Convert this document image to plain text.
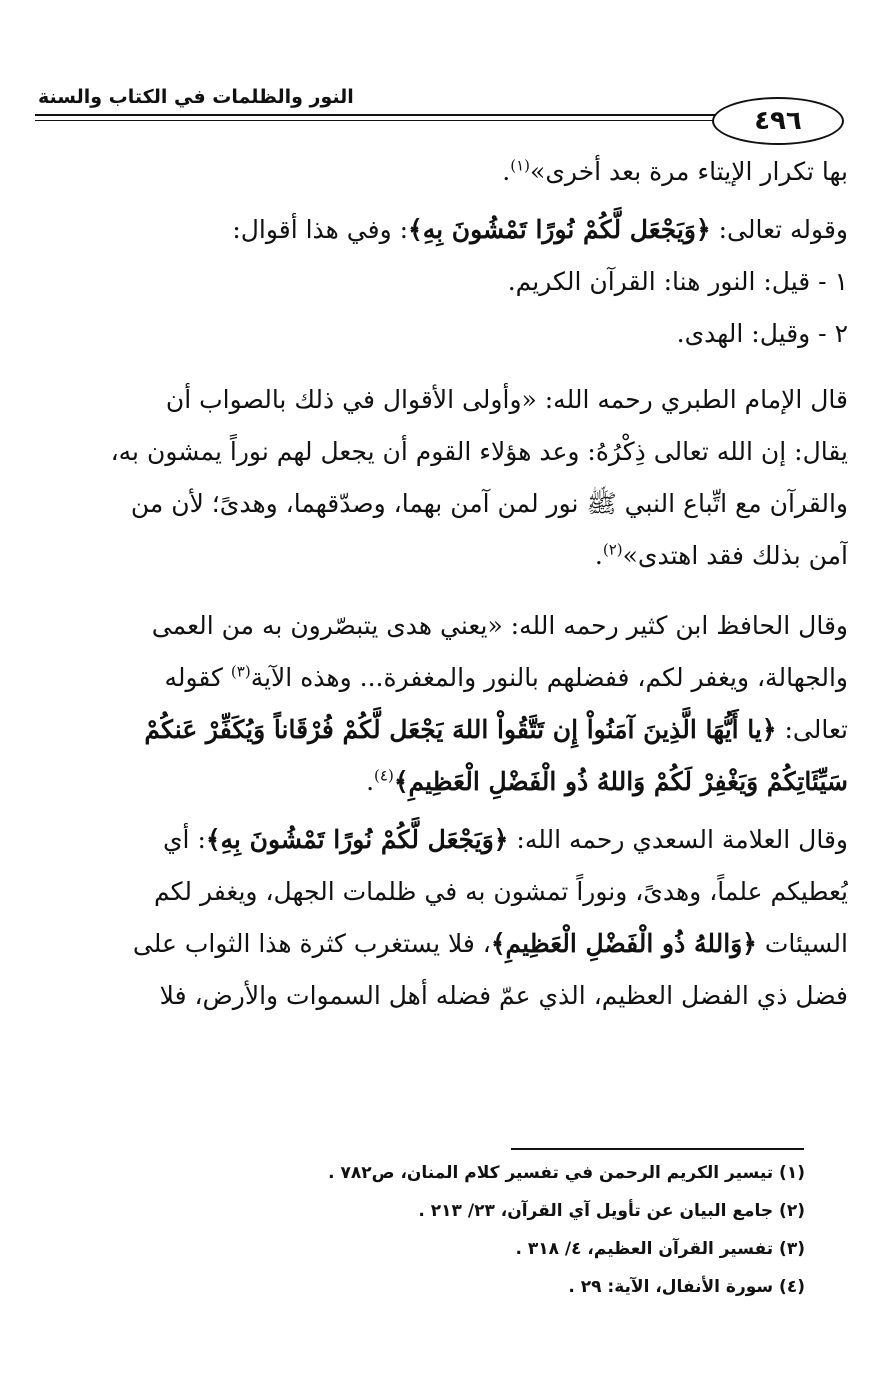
النور والظلمات في الكتاب والسنة
٤٩٦

بها تكرار الإيتاء مرة بعد أخرى»$^{(١)}$.

وقوله تعالى: ﴿وَيَجْعَل لَّكُمْ نُورًا تَمْشُونَ بِهِ﴾: وفي هذا أقوال:
١ - قيل: النور هنا: القرآن الكريم.
٢ - وقيل: الهدى.

قال الإمام الطبري رحمه الله: «وأولى الأقوال في ذلك بالصواب أن
يقال: إن الله تعالى ذِكْرُهُ: وعد هؤلاء القوم أن يجعل لهم نوراً يمشون به،
والقرآن مع اتِّباع النبي ﷺ نور لمن آمن بهما، وصدّقهما، وهدىً؛ لأن من
آمن بذلك فقد اهتدى»$^{(٢)}$.

وقال الحافظ ابن كثير رحمه الله: «يعني هدى يتبصّرون به من العمى
والجهالة، ويغفر لكم، ففضلهم بالنور والمغفرة... وهذه الآية$^{(٣)}$ كقوله
تعالى: ﴿يا أَيُّهَا الَّذِينَ آمَنُواْ إِن تَتَّقُواْ اللهَ يَجْعَل لَّكُمْ فُرْقَاناً وَيُكَفِّرْ عَنكُمْ
سَيِّئَاتِكُمْ وَيَغْفِرْ لَكُمْ وَاللهُ ذُو الْفَضْلِ الْعَظِيمِ﴾$^{(٤)}$.

وقال العلامة السعدي رحمه الله: ﴿وَيَجْعَل لَّكُمْ نُورًا تَمْشُونَ بِهِ﴾: أي
يُعطيكم علماً، وهدىً، ونوراً تمشون به في ظلمات الجهل، ويغفر لكم
السيئات ﴿وَاللهُ ذُو الْفَضْلِ الْعَظِيمِ﴾، فلا يستغرب كثرة هذا الثواب على
فضل ذي الفضل العظيم، الذي عمّ فضله أهل السموات والأرض، فلا

(١) تيسير الكريم الرحمن في تفسير كلام المنان، ص٧٨٢ .
(٢) جامع البيان عن تأويل آي القرآن، ٢٣/ ٢١٣ .
(٣) تفسير القرآن العظيم، ٤/ ٣١٨ .
(٤) سورة الأنفال، الآية: ٢٩ .
